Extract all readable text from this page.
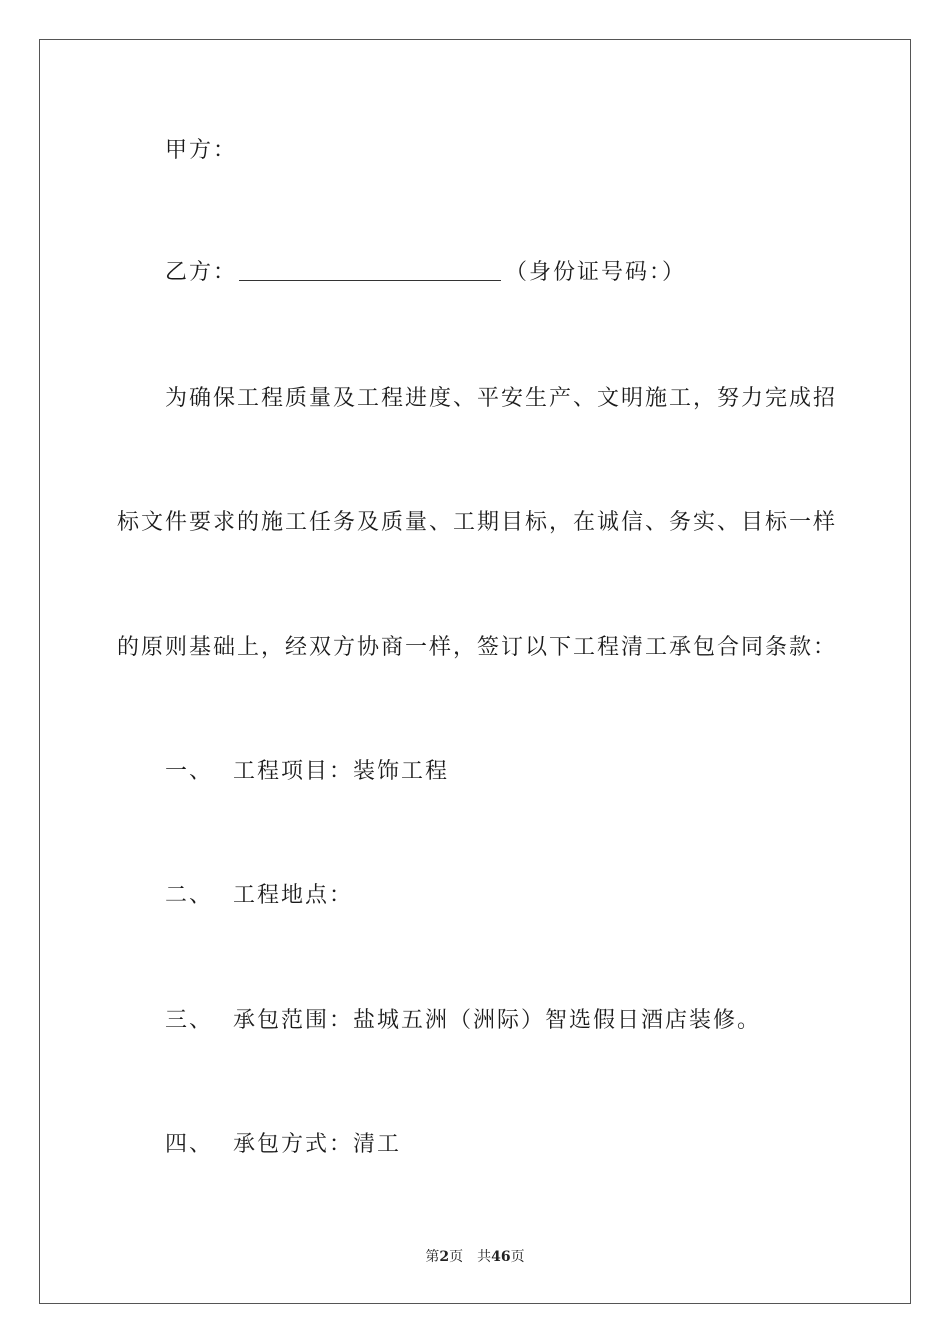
甲方：
乙方：	（身份证号码：）
为确保工程质量及工程进度、平安生产、文明施工，努力完成招
标文件要求的施工任务及质量、工期目标，在诚信、务实、目标一样
的原则基础上，经双方协商一样，签订以下工程清工承包合同条款：
一、 工程项目：装饰工程
二、 工程地点：
三、 承包范围：盐城五洲（洲际）智选假日酒店装修。
四、 承包方式：清工
第2页 共46页
